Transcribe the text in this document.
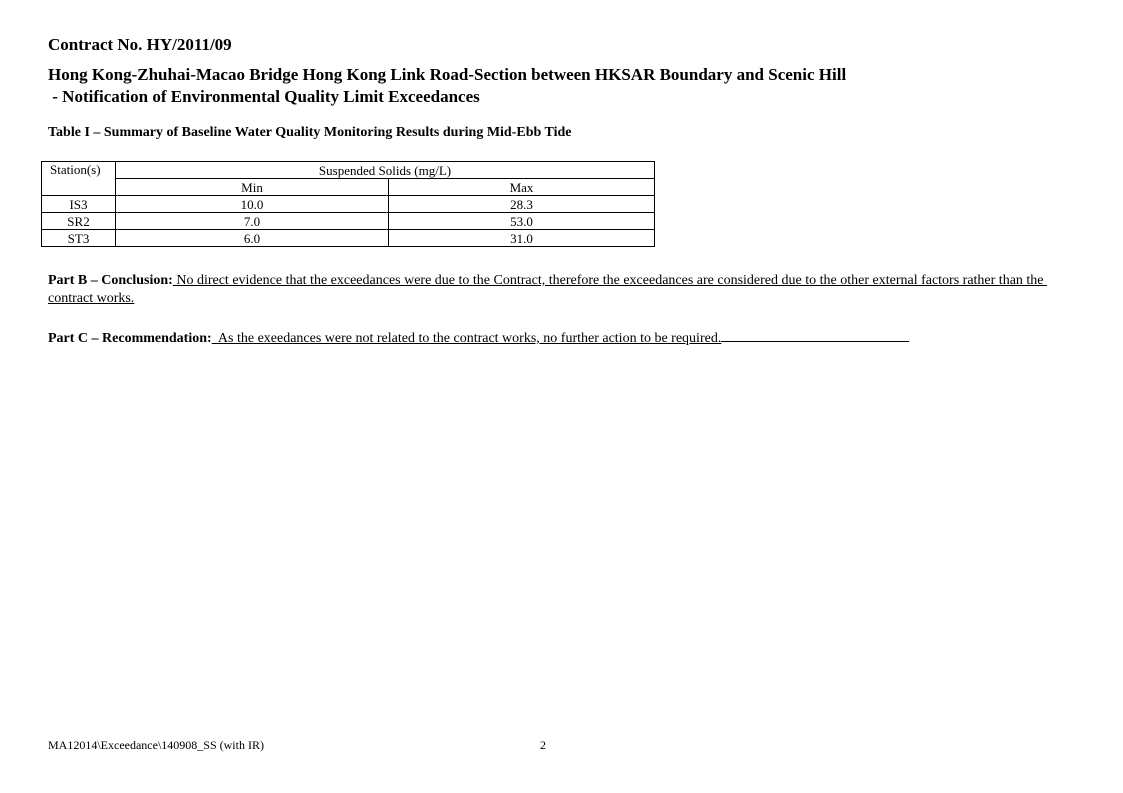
Contract No. HY/2011/09

Hong Kong-Zhuhai-Macao Bridge Hong Kong Link Road-Section between HKSAR Boundary and Scenic Hill
- Notification of Environmental Quality Limit Exceedances

Table I – Summary of Baseline Water Quality Monitoring Results during Mid-Ebb Tide

Station(s)	Suspended Solids (mg/L)	
	Min	Max
IS3	10.0	28.3
SR2	7.0	53.0
ST3	6.0	31.0

Part B – Conclusion: No direct evidence that the exceedances were due to the Contract, therefore the exceedances are considered due to the other external factors rather than the contract works.

Part C – Recommendation:  As the exeedances were not related to the contract works, no further action to be required.

MA12014\Exceedance\140908_SS (with IR)	2
